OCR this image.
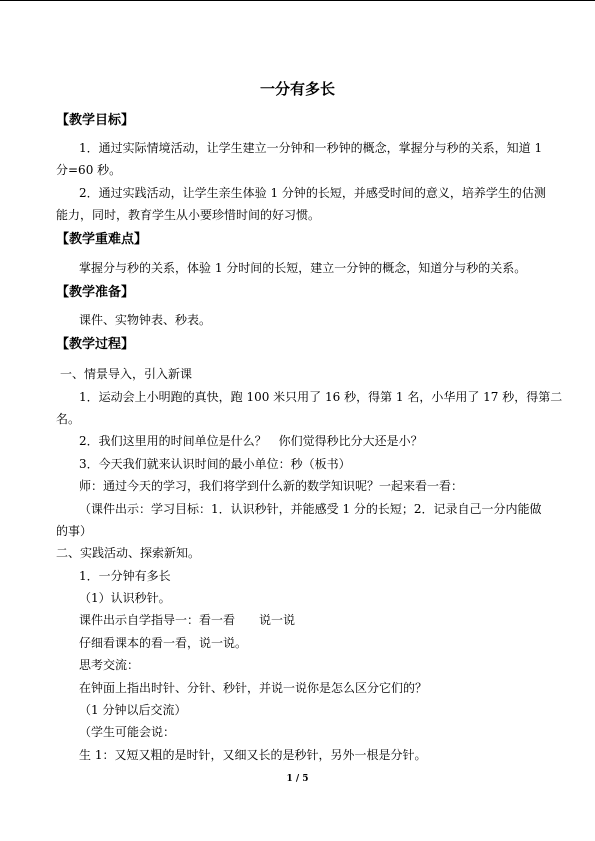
一分有多长
【教学目标】
1．通过实际情境活动，让学生建立一分钟和一秒钟的概念，掌握分与秒的关系，知道 1
分=60 秒。
2．通过实践活动，让学生亲生体验 1 分钟的长短，并感受时间的意义，培养学生的估测
能力，同时，教育学生从小要珍惜时间的好习惯。
【教学重难点】
掌握分与秒的关系，体验 1 分时间的长短，建立一分钟的概念，知道分与秒的关系。
【教学准备】
课件、实物钟表、秒表。
【教学过程】
一、情景导入，引入新课
1．运动会上小明跑的真快，跑 100 米只用了 16 秒，得第 1 名，小华用了 17 秒，得第二
名。
2．我们这里用的时间单位是什么？　你们觉得秒比分大还是小？
3．今天我们就来认识时间的最小单位：秒（板书）
师：通过今天的学习，我们将学到什么新的数学知识呢？一起来看一看：
（课件出示：学习目标：1．认识秒针，并能感受 1 分的长短；2．记录自己一分内能做
的事）
二、实践活动、探索新知。
1．一分钟有多长
（1）认识秒针。
课件出示自学指导一：看一看　　说一说
仔细看课本的看一看，说一说。
思考交流：
在钟面上指出时针、分针、秒针，并说一说你是怎么区分它们的？
（1 分钟以后交流）
（学生可能会说：
生 1：又短又粗的是时针，又细又长的是秒针，另外一根是分针。
1 / 5
